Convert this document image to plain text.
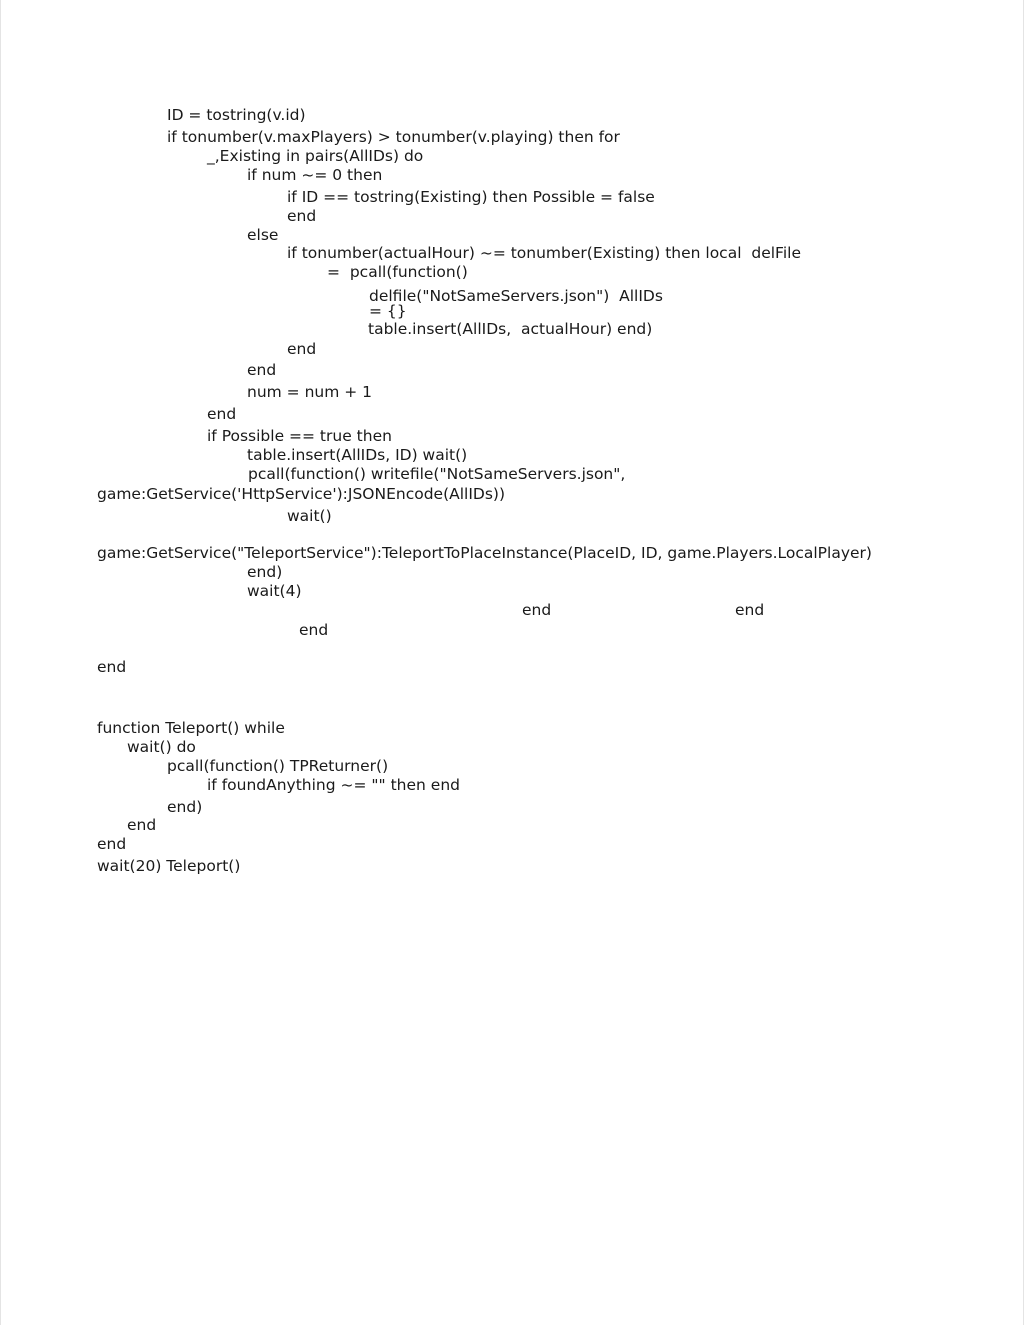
ID = tostring(v.id)

if tonumber(v.maxPlayers) > tonumber(v.playing) then for

_,Existing in pairs(AllIDs) do

if num ~= 0 then

if ID == tostring(Existing) then Possible = false

end

else

if tonumber(actualHour) ~= tonumber(Existing) then local  delFile

=  pcall(function()

delfile("NotSameServers.json")  AllIDs

= {}

table.insert(AllIDs,  actualHour) end)

end

end

num = num + 1

end

if Possible == true then

table.insert(AllIDs, ID) wait()

pcall(function() writefile("NotSameServers.json",

game:GetService('HttpService'):JSONEncode(AllIDs))

wait()

game:GetService("TeleportService"):TeleportToPlaceInstance(PlaceID, ID, game.Players.LocalPlayer)

end)

wait(4)

end	end

end

end

function Teleport() while

wait() do

pcall(function() TPReturner()

if foundAnything ~= "" then end

end)

end

end

wait(20) Teleport()
